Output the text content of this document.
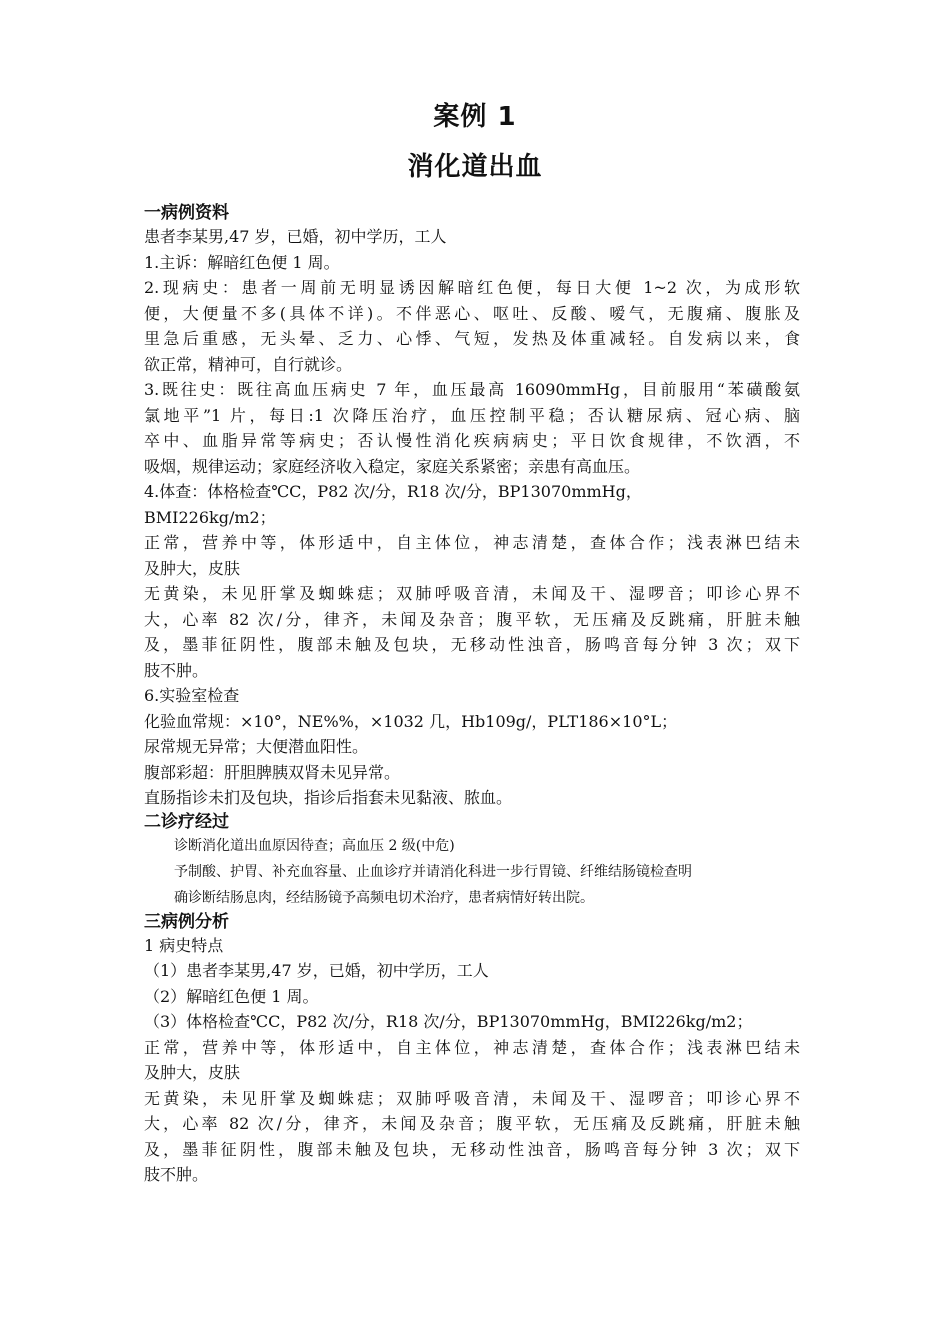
案例 1
消化道出血
一病例资料
患者李某男,47 岁，已婚，初中学历，工人
1.主诉：解暗红色便 1 周。
2.现病史：患者一周前无明显诱因解暗红色便，每日大便 1~2 次，为成形软
便，大便量不多(具体不详)。不伴恶心、呕吐、反酸、嗳气，无腹痛、腹胀及
里急后重感，无头晕、乏力、心悸、气短，发热及体重减轻。自发病以来，食
欲正常，精神可，自行就诊。
3.既往史：既往高血压病史 7 年，血压最高 16090mmHg，目前服用“苯磺酸氨
氯地平”1 片，每日:1 次降压治疗，血压控制平稳；否认糖尿病、冠心病、脑
卒中、血脂异常等病史；否认慢性消化疾病病史；平日饮食规律，不饮酒，不
吸烟，规律运动；家庭经济收入稳定，家庭关系紧密；亲患有高血压。
4.体查：体格检查℃C，P82 次/分，R18 次/分，BP13070mmHg，
BMI226kg/m2；
正常，营养中等，体形适中，自主体位，神志清楚，查体合作；浅表淋巴结未
及肿大，皮肤
无黄染，未见肝掌及蜘蛛痣；双肺呼吸音清，未闻及干、湿啰音；叩诊心界不
大，心率 82 次/分，律齐，未闻及杂音；腹平软，无压痛及反跳痛，肝脏未触
及，墨菲征阴性，腹部未触及包块，无移动性浊音，肠鸣音每分钟 3 次；双下
肢不肿。
6.实验室检查
化验血常规：×10°，NE%%，×1032 几，Hb109g/，PLT186×10°L；
尿常规无异常；大便潜血阳性。
腹部彩超：肝胆脾胰双肾未见异常。
直肠指诊未扪及包块，指诊后指套未见黏液、脓血。
二诊疗经过
诊断消化道出血原因待查；高血压 2 级(中危)
予制酸、护胃、补充血容量、止血诊疗并请消化科进一步行胃镜、纤维结肠镜检查明
确诊断结肠息肉，经结肠镜予高频电切术治疗，患者病情好转出院。
三病例分析
1 病史特点
（1）患者李某男,47 岁，已婚，初中学历，工人
（2）解暗红色便 1 周。
（3）体格检查℃C，P82 次/分，R18 次/分，BP13070mmHg，BMI226kg/m2；
正常，营养中等，体形适中，自主体位，神志清楚，查体合作；浅表淋巴结未
及肿大，皮肤
无黄染，未见肝掌及蜘蛛痣；双肺呼吸音清，未闻及干、湿啰音；叩诊心界不
大，心率 82 次/分，律齐，未闻及杂音；腹平软，无压痛及反跳痛，肝脏未触
及，墨菲征阴性，腹部未触及包块，无移动性浊音，肠鸣音每分钟 3 次；双下
肢不肿。
